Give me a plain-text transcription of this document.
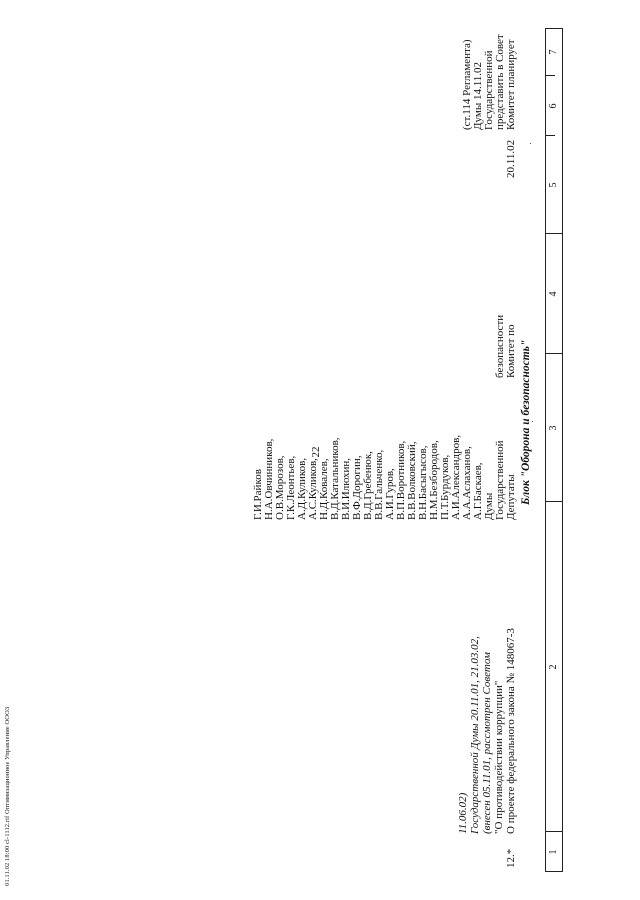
22
1
2
3
4
5
6
7
Блок "Оборона и безопасность"
12.*
О проекте федерального закона № 148067-3
"О противодействии коррупции"
(внесен 05.11.01, рассмотрен Советом
Государственной Думы 20.11.01, 21.03.02,
11.06.02)
Депутаты
Государственной
Думы
А.Г.Баскаев,
А.А.Аслаханов,
А.И.Александров,
П.Т.Бурдуков,
Н.М.Безбородов,
В.Н.Басыгысов,
В.В.Волковский,
В.П.Воротников,
А.И.Гуров,
В.В.Гальченко,
В.Д.Гребенюк,
В.Ф.Дорогин,
В.И.Илюхин,
В.Д.Катальников,
Н.Д.Ковалев,
А.С.Куликов,
А.Д.Куликов,
Г.К.Леонтьев,
О.В.Морозов,
Н.А.Овчинников,
Г.И.Райков
Комитет по
безопасности
20.11.02
Комитет планирует
представить в Совет
Государственной
Думы 14.11.02
(ст.114 Регламента)
01.11.02 18:00 cl-1112.rtf Оптимизационное Управление ООО3
